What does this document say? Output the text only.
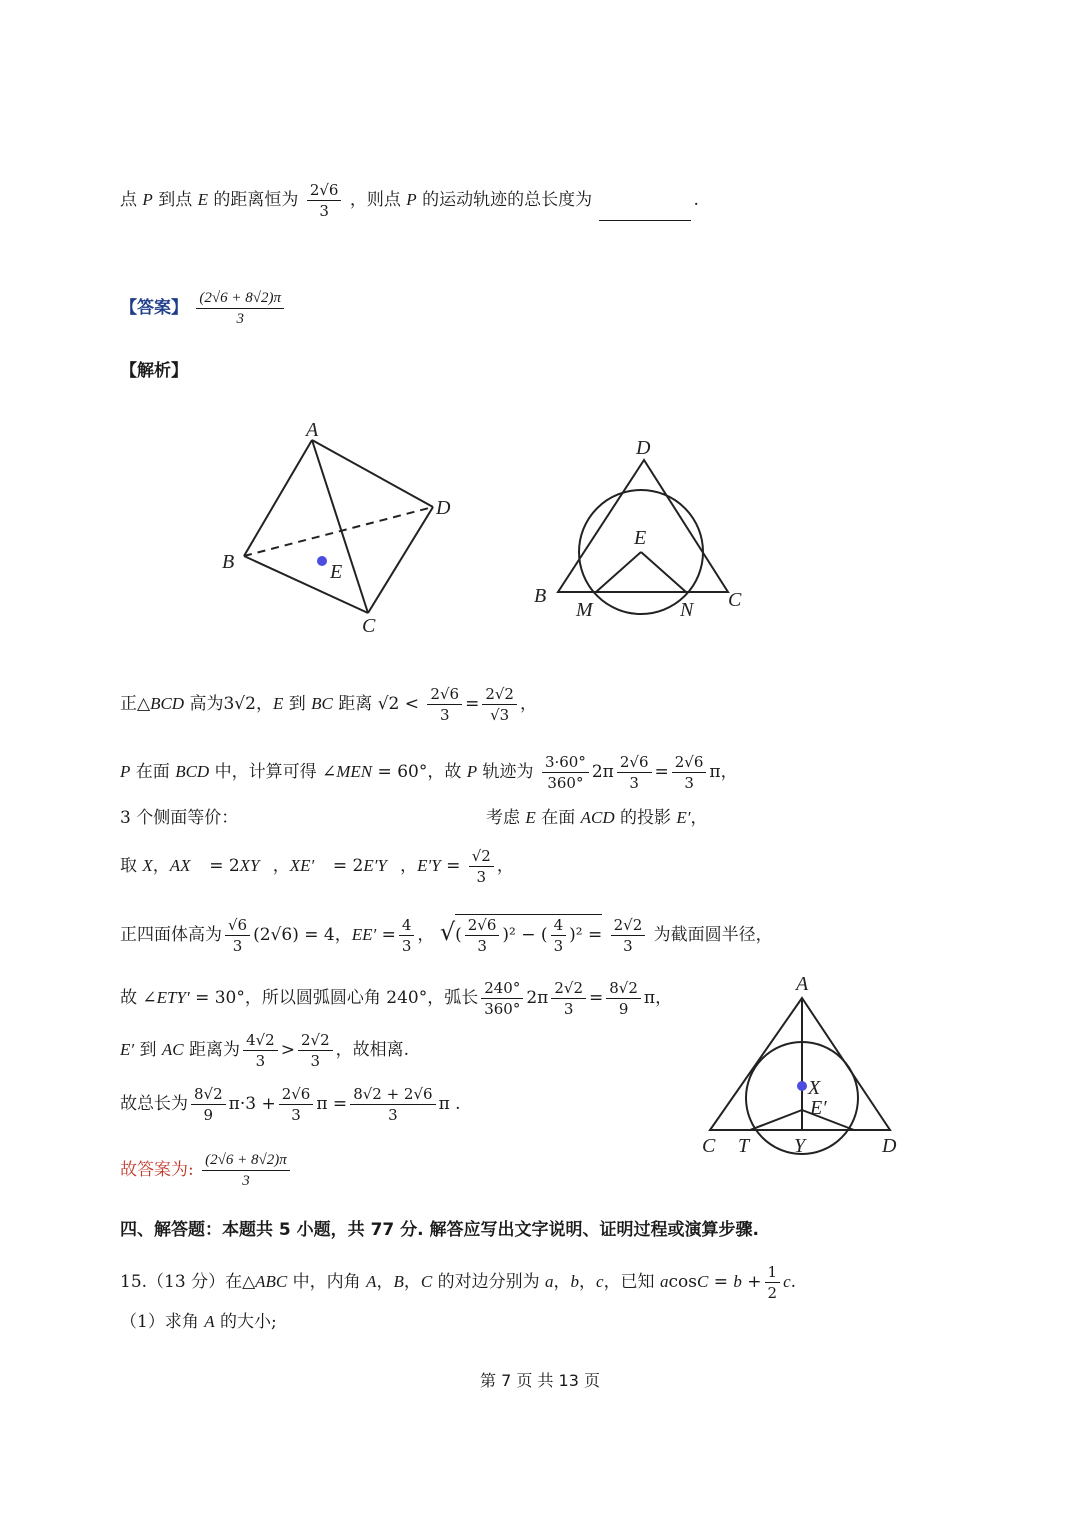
点 P 到点 E 的距离恒为 $\frac{2√6}{3}$ ，则点 P 的运动轨迹的总长度为	.
【答案】 $\frac{(2√6 + 8√2)\pi}{3}$
【解析】
A
B
C
D
E
D
E
B
M	N C
正△BCD 高为3√2，E 到 BC 距离 $√2 < \frac{2√6}{3} = \frac{2√2}{√3}$ ，
P 在面 BCD 中，计算可得 ∠MEN = 60°，故 P 轨迹为 $\frac{3\cdot 60^\circ}{360^\circ} 2\pi \frac{2√6}{3} = \frac{2√6}{3}$ π，
3 个侧面等价：	考虑 E 在面 ACD 的投影 E′，
取 X，AX⃗ = 2XY⃗，XE′⃗ = 2E′Y⃗，$E'Y = \frac{√2}{3}$ ，
正四面体高为 $\frac{√6}{3} (2√6) = 4$，$EE' = \frac{4}{3}$ ， √( $\frac{2√6}{3} )^2$ − ( $\frac{4}{3} )^2 = \frac{2√2}{3}$ 为截面圆半径，
故 ∠ETY′ = 30°，所以圆弧圆心角 240°，弧长 $\frac{240^\circ}{360^\circ} 2\pi \frac{2√2}{3} = \frac{8√2}{9}$ π，
E′ 到 AC 距离为 $\frac{4√2}{3} > \frac{2√2}{3}$ ，故相离.
故总长为 $\frac{8√2}{9} \pi\cdot 3 + \frac{2√6}{3}$ $\pi = \frac{8√2 + 2√6}{3}$ π .
故答案为: $\frac{(2√6 + 8√2)\pi}{3}$
A
X
E′
C T Y	D
四、解答题：本题共 5 小题，共 77 分. 解答应写出文字说明、证明过程或演算步骤.
15.（13 分）在△ABC 中，内角 A，B，C 的对边分别为 a，b，c，已知 $acosC = b + \frac{1}{2} c$.
（1）求角 A 的大小;
第 7 页 共 13 页
